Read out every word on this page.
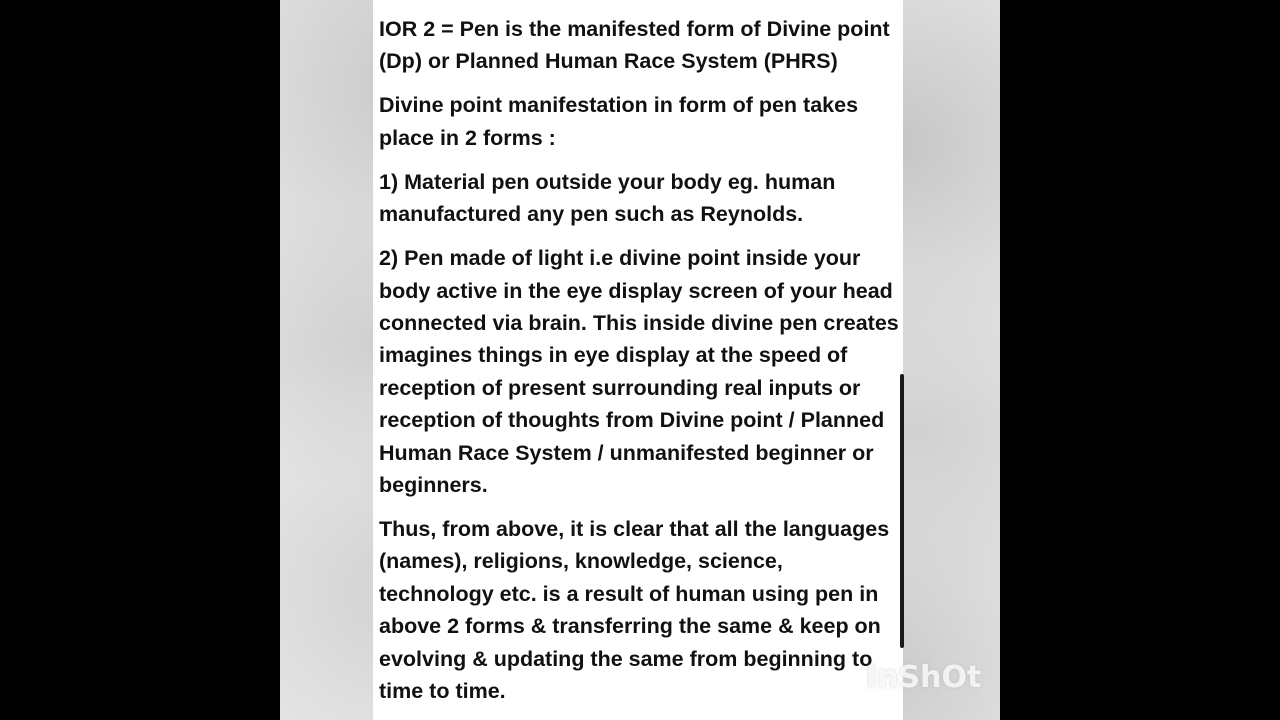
IOR 2 = Pen is the manifested form of Divine point (Dp) or Planned Human Race System (PHRS)

Divine point manifestation in form of pen takes place in 2 forms :

1) Material pen outside your body eg. human manufactured any pen such as Reynolds.

2) Pen made of light i.e divine point inside your body active in the eye display screen of your head connected via brain. This inside divine pen creates imagines things in eye display at the speed of reception of present surrounding real inputs or reception of thoughts from Divine point / Planned Human Race System / unmanifested beginner or beginners.

Thus, from above, it is clear that all the languages (names), religions, knowledge, science, technology etc. is a result of human using pen in above 2 forms & transferring the same & keep on evolving & updating the same from beginning to time to time.	InShOt
